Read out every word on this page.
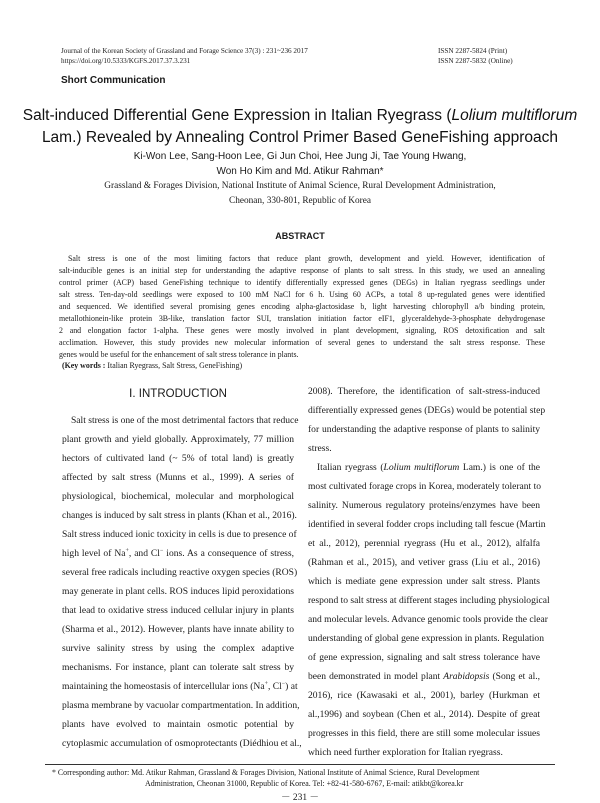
Journal of the Korean Society of Grassland and Forage Science 37(3) : 231~236 2017
https://doi.org/10.5333/KGFS.2017.37.3.231
ISSN 2287-5824 (Print)
ISSN 2287-5832 (Online)
Short Communication
Salt-induced Differential Gene Expression in Italian Ryegrass (Lolium multiflorum
Lam.) Revealed by Annealing Control Primer Based GeneFishing approach
Ki-Won Lee, Sang-Hoon Lee, Gi Jun Choi, Hee Jung Ji, Tae Young Hwang,
Won Ho Kim and Md. Atikur Rahman*
Grassland & Forages Division, National Institute of Animal Science, Rural Development Administration,
Cheonan, 330-801, Republic of Korea
ABSTRACT
Salt stress is one of the most limiting factors that reduce plant growth, development and yield. However, identification of
salt-inducible genes is an initial step for understanding the adaptive response of plants to salt stress. In this study, we used an annealing
control primer (ACP) based GeneFishing technique to identify differentially expressed genes (DEGs) in Italian ryegrass seedlings under
salt stress. Ten-day-old seedlings were exposed to 100 mM NaCl for 6 h. Using 60 ACPs, a total 8 up-regulated genes were identified
and sequenced. We identified several promising genes encoding alpha-glactosidase b, light harvesting chlorophyll a/b binding protein,
metallothionein-like protein 3B-like, translation factor SUI, translation initiation factor eIF1, glyceraldehyde-3-phosphate dehydrogenase
2 and elongation factor 1-alpha. These genes were mostly involved in plant development, signaling, ROS detoxification and salt
acclimation. However, this study provides new molecular information of several genes to understand the salt stress response. These
genes would be useful for the enhancement of salt stress tolerance in plants.
(Key words : Italian Ryegrass, Salt Stress, GeneFishing)
Ⅰ. INTRODUCTION
Salt stress is one of the most detrimental factors that reduce
plant growth and yield globally. Approximately, 77 million
hectors of cultivated land (~ 5% of total land) is greatly
affected by salt stress (Munns et al., 1999). A series of
physiological, biochemical, molecular and morphological
changes is induced by salt stress in plants (Khan et al., 2016).
Salt stress induced ionic toxicity in cells is due to presence of
high level of Na+, and Cl− ions. As a consequence of stress,
several free radicals including reactive oxygen species (ROS)
may generate in plant cells. ROS induces lipid peroxidations
that lead to oxidative stress induced cellular injury in plants
(Sharma et al., 2012). However, plants have innate ability to
survive salinity stress by using the complex adaptive
mechanisms. For instance, plant can tolerate salt stress by
maintaining the homeostasis of intercellular ions (Na+, Cl−) at
plasma membrane by vacuolar compartmentation. In addition,
plants have evolved to maintain osmotic potential by
cytoplasmic accumulation of osmoprotectants (Diédhiou et al.,
2008). Therefore, the identification of salt-stress-induced
differentially expressed genes (DEGs) would be potential step
for understanding the adaptive response of plants to salinity
stress.
Italian ryegrass (Lolium multiflorum Lam.) is one of the
most cultivated forage crops in Korea, moderately tolerant to
salinity. Numerous regulatory proteins/enzymes have been
identified in several fodder crops including tall fescue (Martin
et al., 2012), perennial ryegrass (Hu et al., 2012), alfalfa
(Rahman et al., 2015), and vetiver grass (Liu et al., 2016)
which is mediate gene expression under salt stress. Plants
respond to salt stress at different stages including physiological
and molecular levels. Advance genomic tools provide the clear
understanding of global gene expression in plants. Regulation
of gene expression, signaling and salt stress tolerance have
been demonstrated in model plant Arabidopsis (Song et al.,
2016), rice (Kawasaki et al., 2001), barley (Hurkman et
al.,1996) and soybean (Chen et al., 2014). Despite of great
progresses in this field, there are still some molecular issues
which need further exploration for Italian ryegrass.
* Corresponding author: Md. Atikur Rahman, Grassland & Forages Division, National Institute of Animal Science, Rural Development
Administration, Cheonan 31000, Republic of Korea. Tel: +82-41-580-6767, E-mail: atikbt@korea.kr
－ 231 －
